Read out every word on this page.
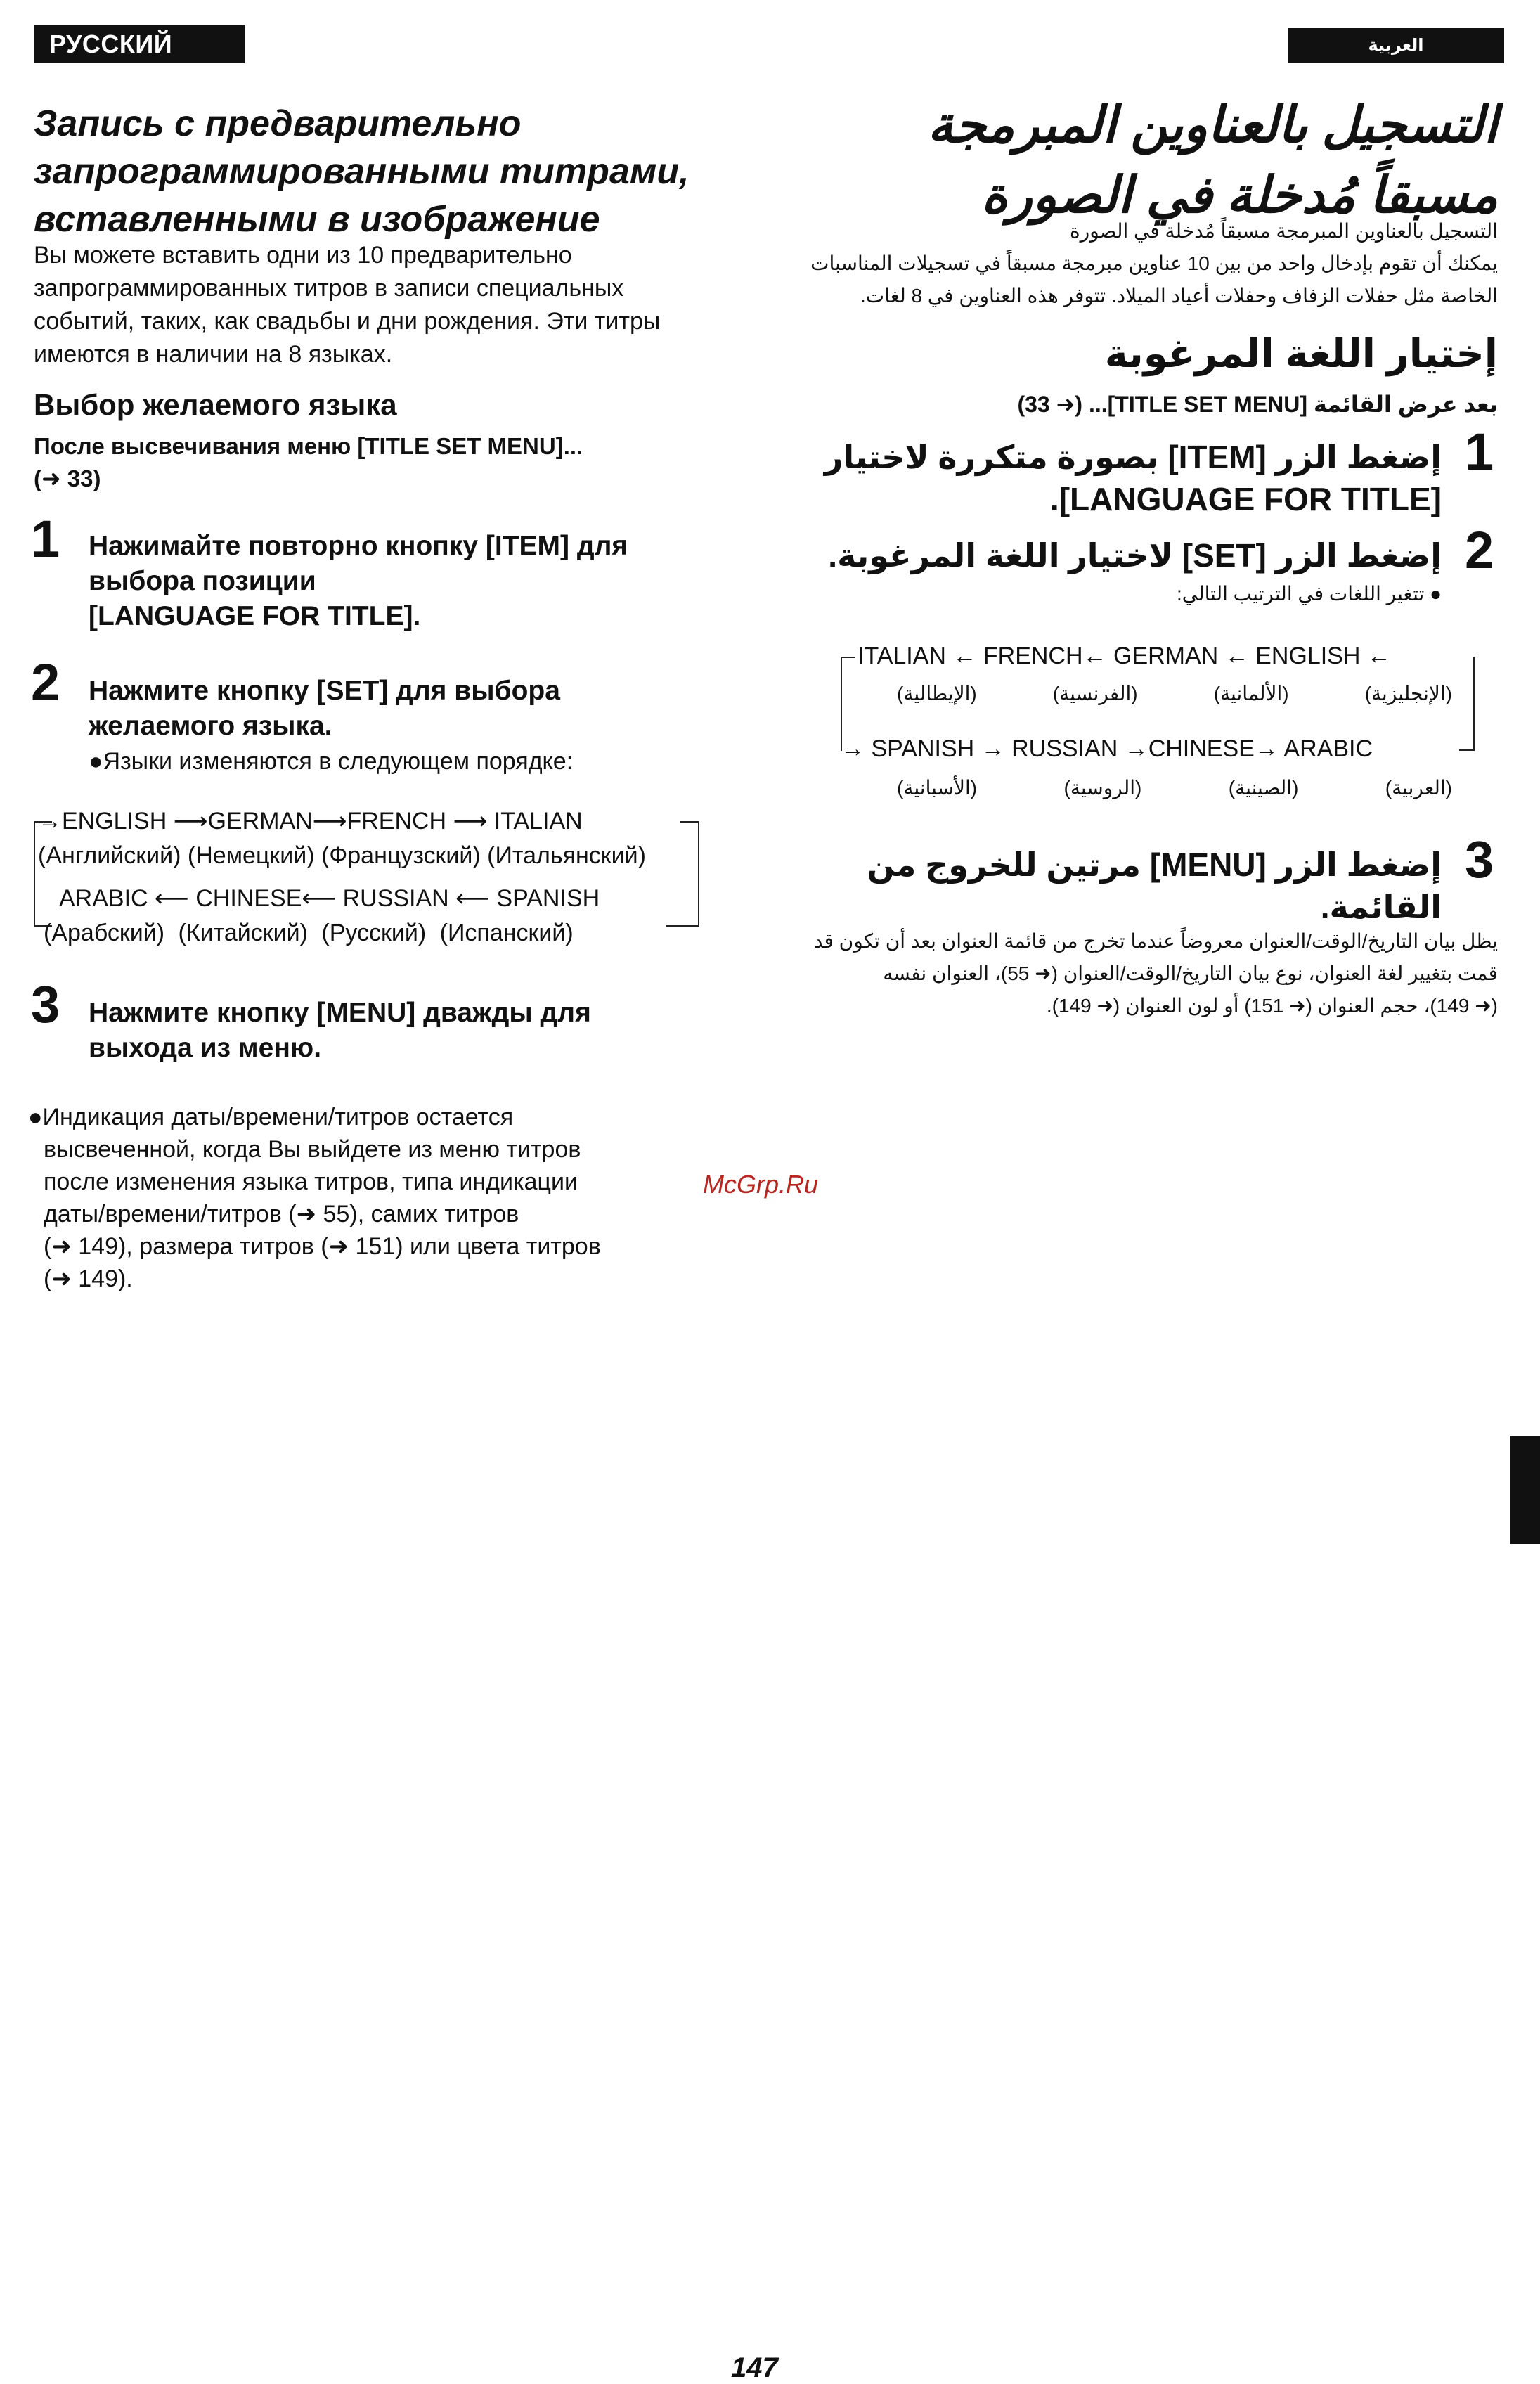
РУССКИЙ ЯЗЫК
العربية
Запись с предварительно
запрограммированными титрами,
вставленными в изображение
Вы можете вставить одни из 10 предварительно запрограммированных титров в записи специальных событий, таких, как свадьбы и дни рождения. Эти титры имеются в наличии на 8 языках.
Выбор желаемого языка
После высвечивания меню [TITLE SET MENU]...
(➜ 33)
1 Нажимайте повторно кнопку [ITEM] для
выбора позиции
[LANGUAGE FOR TITLE].
2 Нажмите кнопку [SET] для выбора
желаемого языка.
●Языки изменяются в следующем порядке:
→ENGLISH ⟶GERMAN⟶FRENCH ⟶ ITALIAN
(Английский) (Немецкий) (Французский) (Итальянский)
ARABIC ⟵ CHINESE⟵ RUSSIAN ⟵ SPANISH
(Арабский) (Китайский) (Русский) (Испанский)
3 Нажмите кнопку [MENU] дважды для
выхода из меню.
●Индикация даты/времени/титров остается
высвеченной, когда Вы выйдете из меню титров
после изменения языка титров, типа индикации
даты/времени/титров (➜ 55), самих титров
(➜ 149), размера титров (➜ 151) или цвета титров
(➜ 149).
McGrp.Ru
التسجيل بالعناوين المبرمجة
مسبقاً مُدخلة في الصورة
التسجيل بالعناوين المبرمجة مسبقاً مُدخلة في الصورة
يمكنك أن تقوم بإدخال واحد من بين 10 عناوين مبرمجة مسبقاً في تسجيلات المناسبات
الخاصة مثل حفلات الزفاف وحفلات أعياد الميلاد. تتوفر هذه العناوين في 8 لغات.
إختيار اللغة المرغوبة
بعد عرض القائمة [TITLE SET MENU]... (➜ 33)
1
إضغط الزر [ITEM] بصورة متكررة لاختيار
[LANGUAGE FOR TITLE].
2
إضغط الزر [SET] لاختيار اللغة المرغوبة.
● تتغير اللغات في الترتيب التالي:
ITALIAN ← FRENCH← GERMAN ← ENGLISH ←
(الإيطالية)	(الفرنسية)	(الألمانية)	(الإنجليزية)
→ SPANISH → RUSSIAN →CHINESE→ ARABIC
(الأسبانية)	(الروسية)	(الصينية)	(العربية)
3
إضغط الزر [MENU] مرتين للخروج من القائمة.
يظل بيان التاريخ/الوقت/العنوان معروضاً عندما تخرج من قائمة العنوان بعد أن تكون قد
قمت بتغيير لغة العنوان، نوع بيان التاريخ/الوقت/العنوان (➜ 55)، العنوان نفسه
(➜ 149)، حجم العنوان (➜ 151) أو لون العنوان (➜ 149).
147
